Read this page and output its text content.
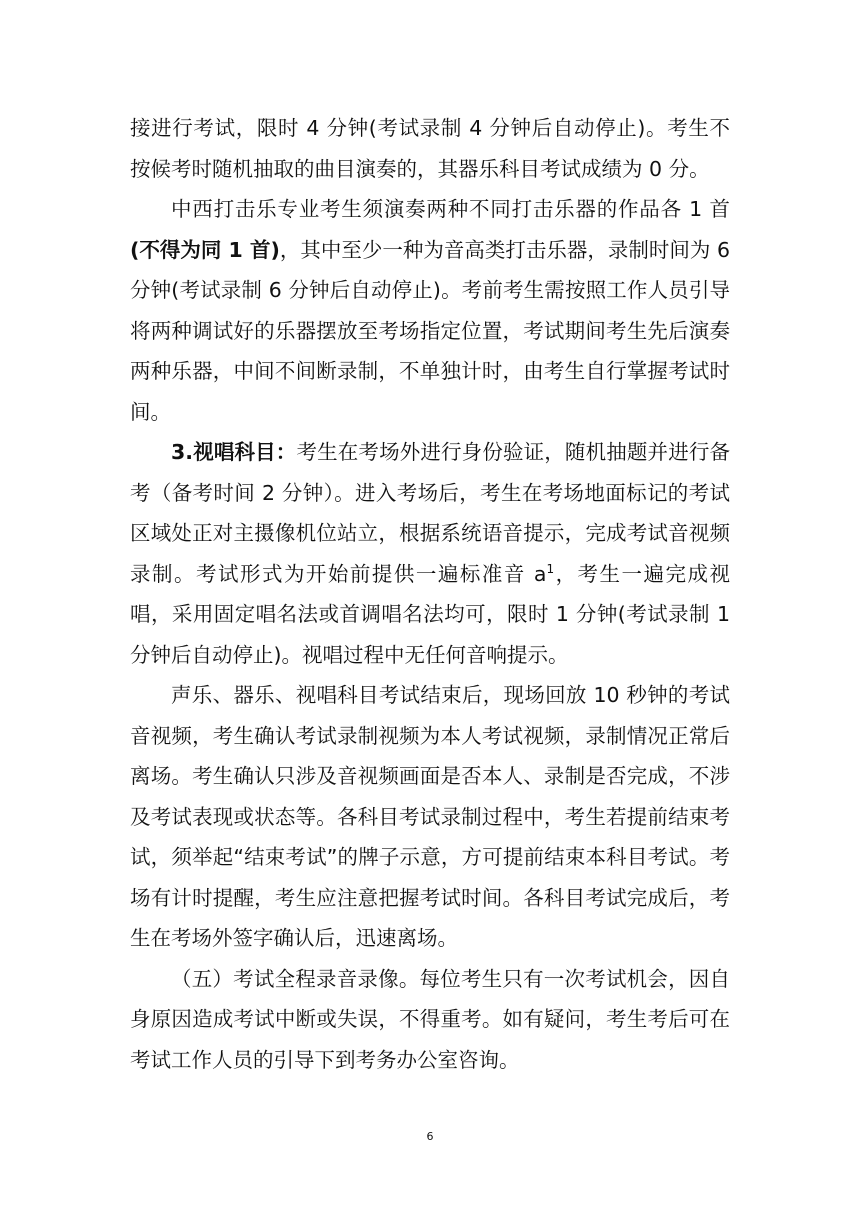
接进行考试，限时 4 分钟(考试录制 4 分钟后自动停止)。考生不按候考时随机抽取的曲目演奏的，其器乐科目考试成绩为 0 分。

中西打击乐专业考生须演奏两种不同打击乐器的作品各 1 首(不得为同 1 首)，其中至少一种为音高类打击乐器，录制时间为 6 分钟(考试录制 6 分钟后自动停止)。考前考生需按照工作人员引导将两种调试好的乐器摆放至考场指定位置，考试期间考生先后演奏两种乐器，中间不间断录制，不单独计时，由考生自行掌握考试时间。

3.视唱科目：考生在考场外进行身份验证，随机抽题并进行备考（备考时间 2 分钟）。进入考场后，考生在考场地面标记的考试区域处正对主摄像机位站立，根据系统语音提示，完成考试音视频录制。考试形式为开始前提供一遍标准音 $a^1$，考生一遍完成视唱，采用固定唱名法或首调唱名法均可，限时 1 分钟(考试录制 1 分钟后自动停止)。视唱过程中无任何音响提示。

声乐、器乐、视唱科目考试结束后，现场回放 10 秒钟的考试音视频，考生确认考试录制视频为本人考试视频，录制情况正常后离场。考生确认只涉及音视频画面是否本人、录制是否完成，不涉及考试表现或状态等。各科目考试录制过程中，考生若提前结束考试，须举起“结束考试”的牌子示意，方可提前结束本科目考试。考场有计时提醒，考生应注意把握考试时间。各科目考试完成后，考生在考场外签字确认后，迅速离场。

（五）考试全程录音录像。每位考生只有一次考试机会，因自身原因造成考试中断或失误，不得重考。如有疑问，考生考后可在考试工作人员的引导下到考务办公室咨询。

6
